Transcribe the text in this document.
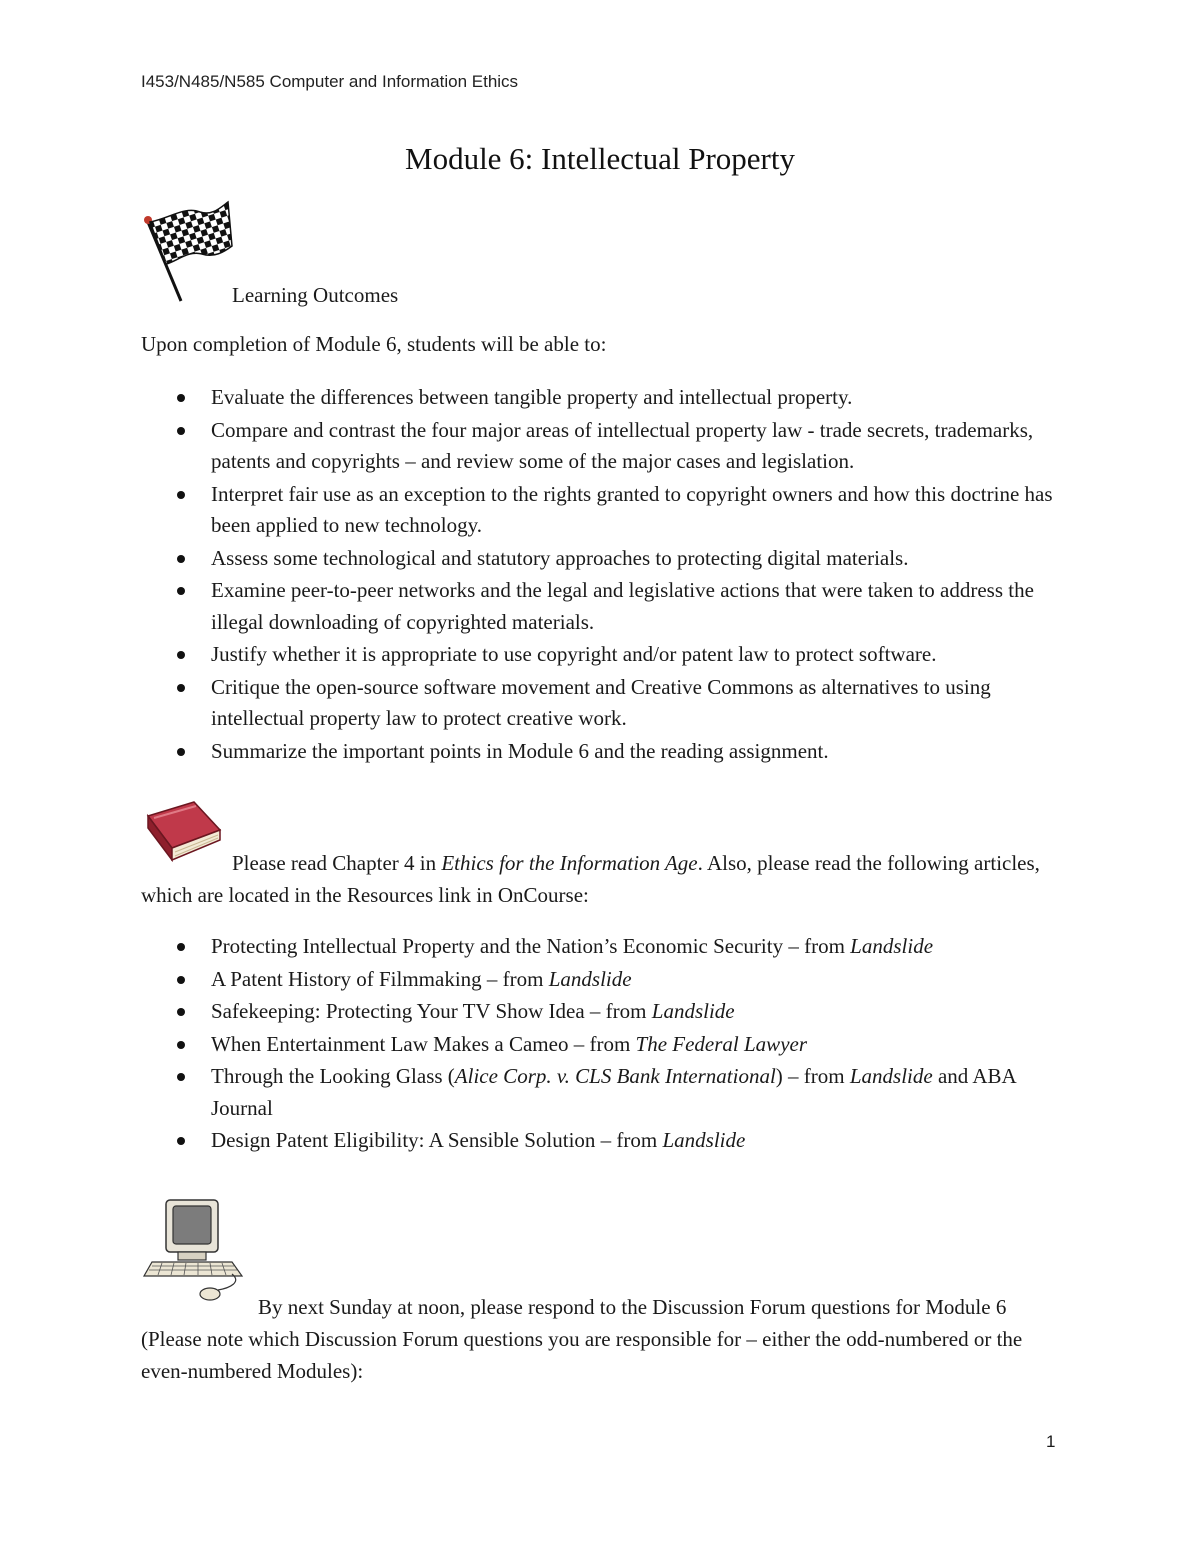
I453/N485/N585 Computer and Information Ethics
Module 6: Intellectual Property
Learning Outcomes
Upon completion of Module 6, students will be able to:
Evaluate the differences between tangible property and intellectual property.
Compare and contrast the four major areas of intellectual property law - trade secrets, trademarks, patents and copyrights – and review some of the major cases and legislation.
Interpret fair use as an exception to the rights granted to copyright owners and how this doctrine has been applied to new technology.
Assess some technological and statutory approaches to protecting digital materials.
Examine peer-to-peer networks and the legal and legislative actions that were taken to address the illegal downloading of copyrighted materials.
Justify whether it is appropriate to use copyright and/or patent law to protect software.
Critique the open-source software movement and Creative Commons as alternatives to using intellectual property law to protect creative work.
Summarize the important points in Module 6 and the reading assignment.
Please read Chapter 4 in Ethics for the Information Age. Also, please read the following articles, which are located in the Resources link in OnCourse:
Protecting Intellectual Property and the Nation’s Economic Security – from Landslide
A Patent History of Filmmaking – from Landslide
Safekeeping: Protecting Your TV Show Idea – from Landslide
When Entertainment Law Makes a Cameo – from The Federal Lawyer
Through the Looking Glass (Alice Corp. v. CLS Bank International) – from Landslide and ABA Journal
Design Patent Eligibility: A Sensible Solution – from Landslide
By next Sunday at noon, please respond to the Discussion Forum questions for Module 6 (Please note which Discussion Forum questions you are responsible for – either the odd-numbered or the even-numbered Modules):
1
